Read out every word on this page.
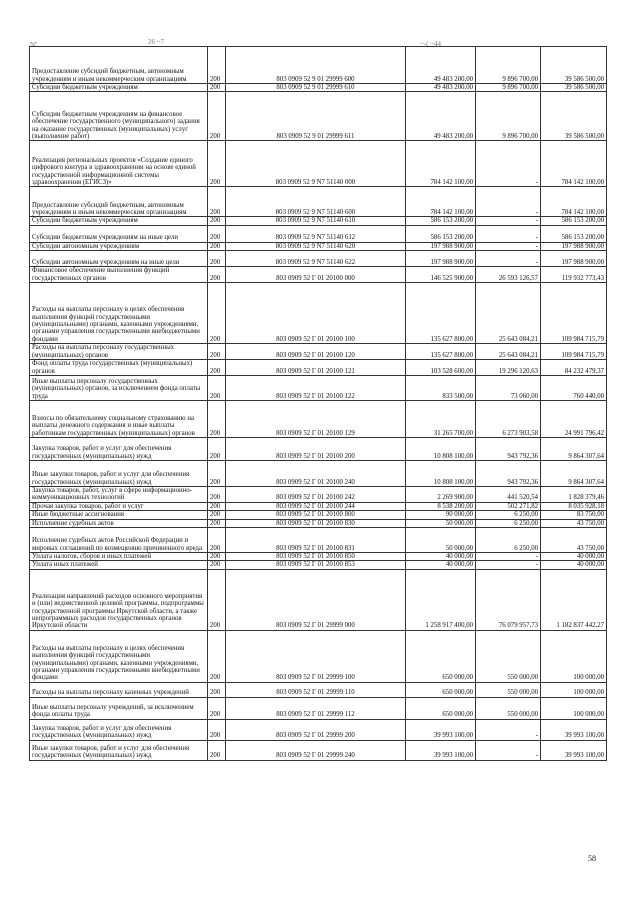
Nº	26 ~7	~-( ~44
Предоставление субсидий бюджетным, автономным учреждениям и иным некоммерческим организациям	200	803 0909 52 9 01 29999 600	49 483 200,00	9 896 700,00	39 586 500,00
Субсидии бюджетным учреждениям	200	803 0909 52 9 01 29999 610	49 483 200,00	9 896 700,00	39 586 500,00
Субсидии бюджетным учреждениям на финансовое обеспечение государственного (муниципального) задания на оказание государственных (муниципальных) услуг (выполнение работ)	200	803 0909 52 9 01 29999 611	49 483 200,00	9 896 700,00	39 586 500,00
Реализация региональных проектов «Создание единого цифрового контура в здравоохранении на основе единой государственной информационной системы здравоохранения (ЕГИСЗ)»	200	803 0909 52 9 N7 51140 000	784 142 100,00	-	784 142 100,00
Предоставление субсидий бюджетным, автономным учреждениям и иным некоммерческим организациям	200	803 0909 52 9 N7 51140 600	784 142 100,00	-	784 142 100,00
Субсидии бюджетным учреждениям	200	803 0909 52 9 N7 51140 610	586 153 200,00	-	586 153 200,00
Субсидии бюджетным учреждениям на иные цели	200	803 0909 52 9 N7 51140 612	586 153 200,00	-	586 153 200,00
Субсидии автономным учреждениям	200	803 0909 52 9 N7 51140 620	197 988 900,00	-	197 988 900,00
Субсидии автономным учреждениям на иные цели	200	803 0909 52 9 N7 51140 622	197 988 900,00	-	197 988 900,00
Финансовое обеспечение выполнения функций государственных органов	200	803 0909 52 Г 01 20100 000	146 525 900,00	26 593 126,57	119 932 773,43
Расходы на выплаты персоналу в целях обеспечения выполнения функций государственными (муниципальными) органами, казенными учреждениями, органами управления государственными внебюджетными фондами	200	803 0909 52 Г 01 20100 100	135 627 800,00	25 643 084,21	109 984 715,79
Расходы на выплаты персоналу государственных (муниципальных) органов	200	803 0909 52 Г 01 20100 120	135 627 800,00	25 643 084,21	109 984 715,79
Фонд оплаты труда государственных (муниципальных) органов	200	803 0909 52 Г 01 20100 121	103 528 600,00	19 296 120,63	84 232 479,37
Иные выплаты персоналу государственных (муниципальных) органов, за исключением фонда оплаты труда	200	803 0909 52 Г 01 20100 122	833 500,00	73 060,00	760 440,00
Взносы по обязательному социальному страхованию на выплаты денежного содержания и иные выплаты работникам государственных (муниципальных) органов	200	803 0909 52 Г 01 20100 129	31 265 700,00	6 273 903,58	24 991 796,42
Закупка товаров, работ и услуг для обеспечения государственных (муниципальных) нужд	200	803 0909 52 Г 01 20100 200	10 808 100,00	943 792,36	9 864 307,64
Иные закупки товаров, работ и услуг для обеспечения государственных (муниципальных) нужд	200	803 0909 52 Г 01 20100 240	10 808 100,00	943 792,36	9 864 307,64
Закупка товаров, работ, услуг в сфере информационно-коммуникационных технологий	200	803 0909 52 Г 01 20100 242	2 269 900,00	441 520,54	1 828 379,46
Прочая закупка товаров, работ и услуг	200	803 0909 52 Г 01 20100 244	8 538 200,00	502 271,82	8 035 928,18
Иные бюджетные ассигнования	200	803 0909 52 Г 01 20100 800	90 000,00	6 250,00	83 750,00
Исполнение судебных актов	200	803 0909 52 Г 01 20100 830	50 000,00	6 250,00	43 750,00
Исполнение судебных актов Российской Федерации и мировых соглашений по возмещению причиненного вреда	200	803 0909 52 Г 01 20100 831	50 000,00	6 250,00	43 750,00
Уплата налогов, сборов и иных платежей	200	803 0909 52 Г 01 20100 850	40 000,00	-	40 000,00
Уплата иных платежей	200	803 0909 52 Г 01 20100 853	40 000,00	-	40 000,00
Реализация направлений расходов основного мероприятия и (или) ведомственной целевой программы, подпрограммы государственной программы Иркутской области, а также непрограммных расходов государственных органов Иркутской области	200	803 0909 52 Г 01 29999 000	1 258 917 400,00	76 079 957,73	1 182 837 442,27
Расходы на выплаты персоналу в целях обеспечения выполнения функций государственными (муниципальными) органами, казенными учреждениями, органами управления государственными внебюджетными фондами	200	803 0909 52 Г 01 29999 100	650 000,00	550 000,00	100 000,00
Расходы на выплаты персоналу казенных учреждений	200	803 0909 52 Г 01 29999 110	650 000,00	550 000,00	100 000,00
Иные выплаты персоналу учреждений, за исключением фонда оплаты труда	200	803 0909 52 Г 01 29999 112	650 000,00	550 000,00	100 000,00
Закупка товаров, работ и услуг для обеспечения государственных (муниципальных) нужд	200	803 0909 52 Г 01 29999 200	39 993 100,00	-	39 993 100,00
Иные закупки товаров, работ и услуг для обеспечения государственных (муниципальных) нужд	200	803 0909 52 Г 01 29999 240	39 993 100,00	-	39 993 100,00
58
